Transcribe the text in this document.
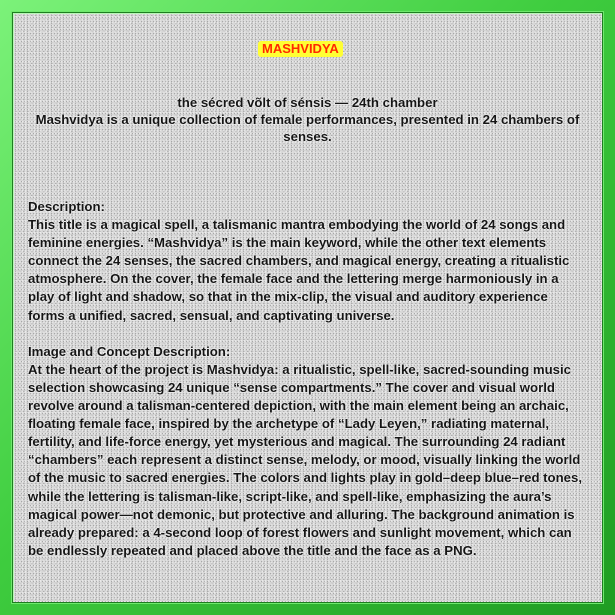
MASHVIDYA

the sécred võlt of sénsis — 24th chamber

Mashvidya is a unique collection of female performances, presented in 24 chambers of senses.

Description:

This title is a magical spell, a talismanic mantra embodying the world of 24 songs and feminine energies. “Mashvidya” is the main keyword, while the other text elements connect the 24 senses, the sacred chambers, and magical energy, creating a ritualistic atmosphere. On the cover, the female face and the lettering merge harmoniously in a play of light and shadow, so that in the mix-clip, the visual and auditory experience forms a unified, sacred, sensual, and captivating universe.

Image and Concept Description:

At the heart of the project is Mashvidya: a ritualistic, spell-like, sacred-sounding music selection showcasing 24 unique “sense compartments.” The cover and visual world revolve around a talisman-centered depiction, with the main element being an archaic, floating female face, inspired by the archetype of “Lady Leyen,” radiating maternal, fertility, and life-force energy, yet mysterious and magical. The surrounding 24 radiant “chambers” each represent a distinct sense, melody, or mood, visually linking the world of the music to sacred energies. The colors and lights play in gold–deep blue–red tones, while the lettering is talisman-like, script-like, and spell-like, emphasizing the aura’s magical power—not demonic, but protective and alluring. The background animation is already prepared: a 4-second loop of forest flowers and sunlight movement, which can be endlessly repeated and placed above the title and the face as a PNG.
